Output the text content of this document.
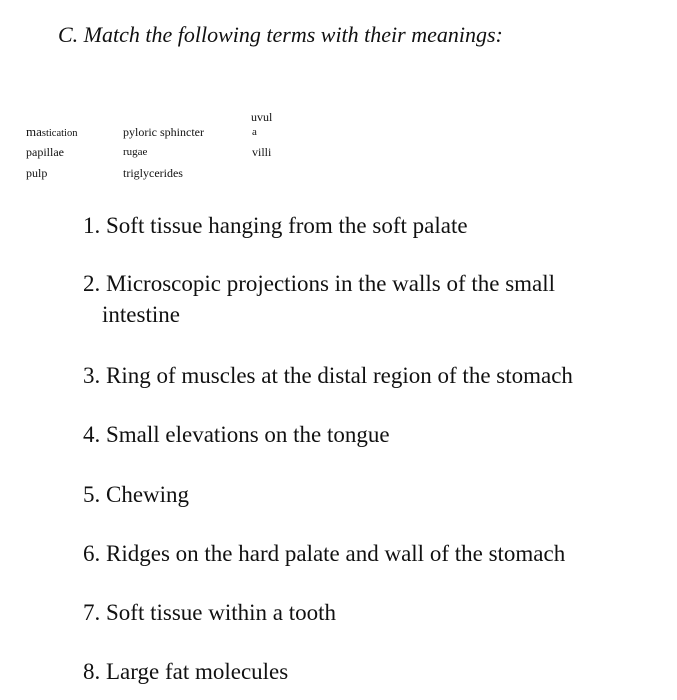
C. Match the following terms with their meanings:
mastication
papillae
pulp
pyloric sphincter
rugae
triglycerides
uvul
a
villi
1. Soft tissue hanging from the soft palate
2. Microscopic projections in the walls of the small
intestine
3. Ring of muscles at the distal region of the stomach
4. Small elevations on the tongue
5. Chewing
6. Ridges on the hard palate and wall of the stomach
7. Soft tissue within a tooth
8. Large fat molecules
